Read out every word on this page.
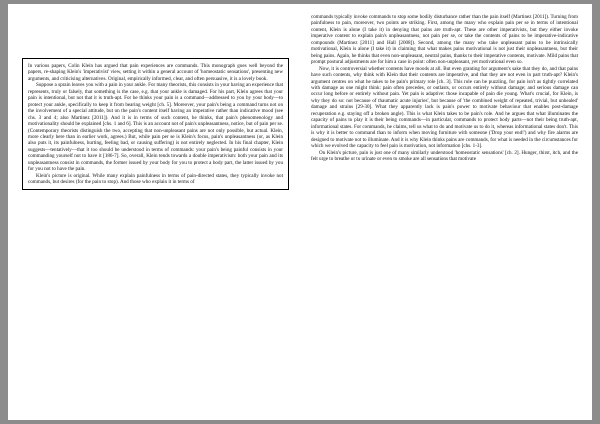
In various papers, Colin Klein has argued that pain experiences are commands. This monograph goes well beyond the papers, re-shaping Klein's 'imperativist' view, setting it within a general account of 'homeostatic sensations', presenting new arguments, and criticising alternatives. Original, empirically informed, clear, and often persuasive, it is a lovely book.

Suppose a sprain leaves you with a pain in your ankle. For many theorists, this consists in your having an experience that represents, truly or falsely, that something is the case, e.g. that your ankle is damaged. For his part, Klein agrees that your pain is intentional, but not that it is truth-apt. For he thinks your pain is a command—addressed to you by your body—to protect your ankle, specifically to keep it from bearing weight [ch. 5]. Moreover, your pain's being a command turns not on the involvement of a special attitude, but on the pain's content itself having an imperative rather than indicative mood (see chs. 3 and 4; also Martinez [2011]). And it is in terms of such content, he thinks, that pain's phenomenology and motivationality should be explained [chs. 1 and 6]. This is an account not of pain's unpleasantness, notice, but of pain per se. (Contemporary theorists distinguish the two, accepting that non-unpleasant pains are not only possible, but actual. Klein, more clearly here than in earlier work, agrees.) But, while pain per se is Klein's focus, pain's unpleasantness (or, as Klein also puts it, its painfulness, hurting, feeling bad, or causing suffering) is not entirely neglected. In his final chapter, Klein suggests—tentatively—that it too should be understood in terms of commands: your pain's being painful consists in your commanding yourself not to have it [186-7]. So, overall, Klein tends towards a double imperativism: both your pain and its unpleasantness consist in commands, the former issued by your body for you to protect a body part, the latter issued by you for you not to have the pain.

Klein's picture is original. While many explain painfulness in terms of pain-directed states, they typically invoke not commands, but desires (for the pain to stop). And those who explain it in terms of

commands typically invoke commands to stop some bodily disturbance rather than the pain itself (Martinez [2011]). Turning from painfulness to pain, moreover, two points are striking. First, among the many who explain pain per se in terms of intentional content, Klein is alone (I take it) in denying that pains are truth-apt. These are other imperativists, but they either invoke imperative content to explain pain's unpleasantness, not pain per se, or take the contents of pains to be imperative-indicative compounds (Martinez [2011] and Hall [2008]). Second, among the many who take unpleasant pains to be intrinsically motivational, Klein is alone (I take it) in claiming that what makes pains motivational is not just their unpleasantness, but their being pains. Again, he thinks that even non-unpleasant, neutral pains, thanks to their imperative contents, motivate. Mild pains that prompt postural adjustments are for him a case in point: often non-unpleasant, yet motivational even so.

Now, it is controversial whether contents have moods at all. But even granting for argument's sake that they do, and that pains have such contents, why think with Klein that their contents are imperative, and that they are not even in part truth-apt? Klein's argument centres on what he takes to be pain's primary role [ch. 3]. This role can be puzzling, for pain isn't as tightly correlated with damage as one might think: pain often precedes, or outlasts, or occurs entirely without damage; and serious damage can occur long before or entirely without pain. Yet pain is adaptive: those incapable of pain die young. What's crucial, for Klein, is why they do so: not because of thaumatic acute injuries', but because of 'the combined weight of repeated, trivial, but unhealed' damage and strains [29-30]. What they apparently lack is pain's power to motivate behaviour that enables post-damage recuperation e.g. staying off a broken angle). This is what Klein takes to be pain's role. And he argues that what illuminates the capacity of pains to play it is their being commands—in particular, commands to protect body parts—not their being truth-apt, informational states. For commands, he claims, tell us what to do and motivate us to do it, whereas informational states don't. This is why it is better to command than to inform when moving furniture with someone ('Drop your end!') and why fire alarms are designed to motivate not to illuminate. And it is why Klein thinks pains are commands, for what is needed in the circumstances for which we evolved the capacity to feel pain is motivation, not information [chs. 1-3].

On Klein's picture, pain is just one of many similarly understood 'homeostatic sensations' [ch. 2]. Hunger, thirst, itch, and the felt urge to breathe or to urinate or even to smoke are all sensations that motivate
